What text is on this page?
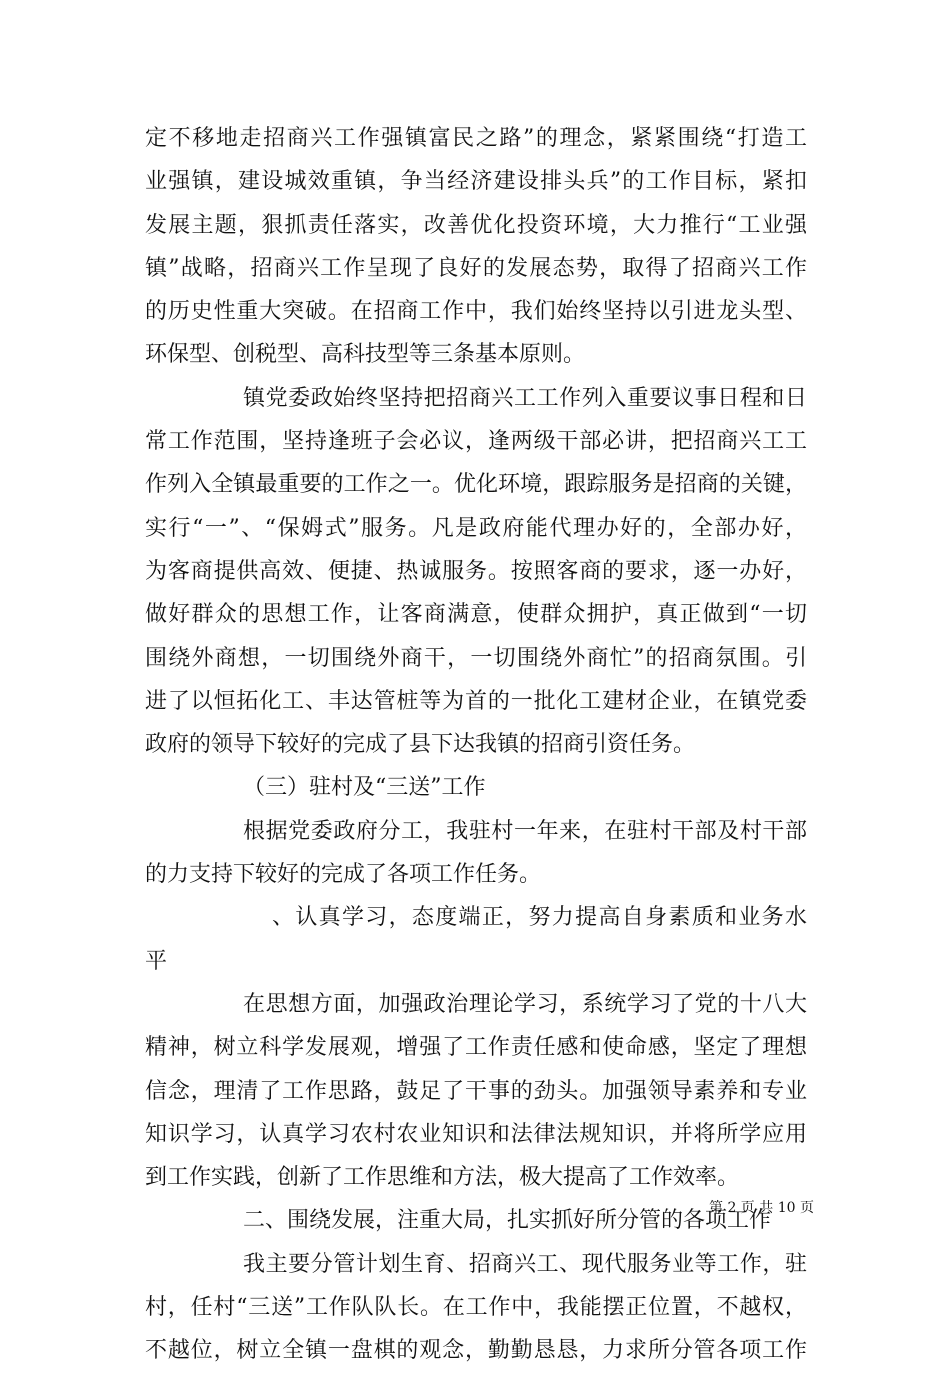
定不移地走招商兴工作强镇富民之路”的理念，紧紧围绕“打造工
业强镇，建设城效重镇，争当经济建设排头兵”的工作目标，紧扣
发展主题，狠抓责任落实，改善优化投资环境，大力推行“工业强
镇”战略，招商兴工作呈现了良好的发展态势，取得了招商兴工作
的历史性重大突破。在招商工作中，我们始终坚持以引进龙头型、
环保型、创税型、高科技型等三条基本原则。
镇党委政始终坚持把招商兴工工作列入重要议事日程和日
常工作范围，坚持逢班子会必议，逢两级干部必讲，把招商兴工工
作列入全镇最重要的工作之一。优化环境，跟踪服务是招商的关键，
实行“一”、“保姆式”服务。凡是政府能代理办好的，全部办好，
为客商提供高效、便捷、热诚服务。按照客商的要求，逐一办好，
做好群众的思想工作，让客商满意，使群众拥护，真正做到“一切
围绕外商想，一切围绕外商干，一切围绕外商忙”的招商氛围。引
进了以恒拓化工、丰达管桩等为首的一批化工建材企业，在镇党委
政府的领导下较好的完成了县下达我镇的招商引资任务。
（三）驻村及“三送”工作
根据党委政府分工，我驻村一年来，在驻村干部及村干部
的力支持下较好的完成了各项工作任务。
、认真学习，态度端正，努力提高自身素质和业务水
平
在思想方面，加强政治理论学习，系统学习了党的十八大
精神，树立科学发展观，增强了工作责任感和使命感，坚定了理想
信念，理清了工作思路，鼓足了干事的劲头。加强领导素养和专业
知识学习，认真学习农村农业知识和法律法规知识，并将所学应用
到工作实践，创新了工作思维和方法，极大提高了工作效率。
二、围绕发展，注重大局，扎实抓好所分管的各项工作
我主要分管计划生育、招商兴工、现代服务业等工作，驻
村，任村“三送”工作队队长。在工作中，我能摆正位置，不越权，
不越位，树立全镇一盘棋的观念，勤勤恳恳，力求所分管各项工作
第 2 页 共 10 页
